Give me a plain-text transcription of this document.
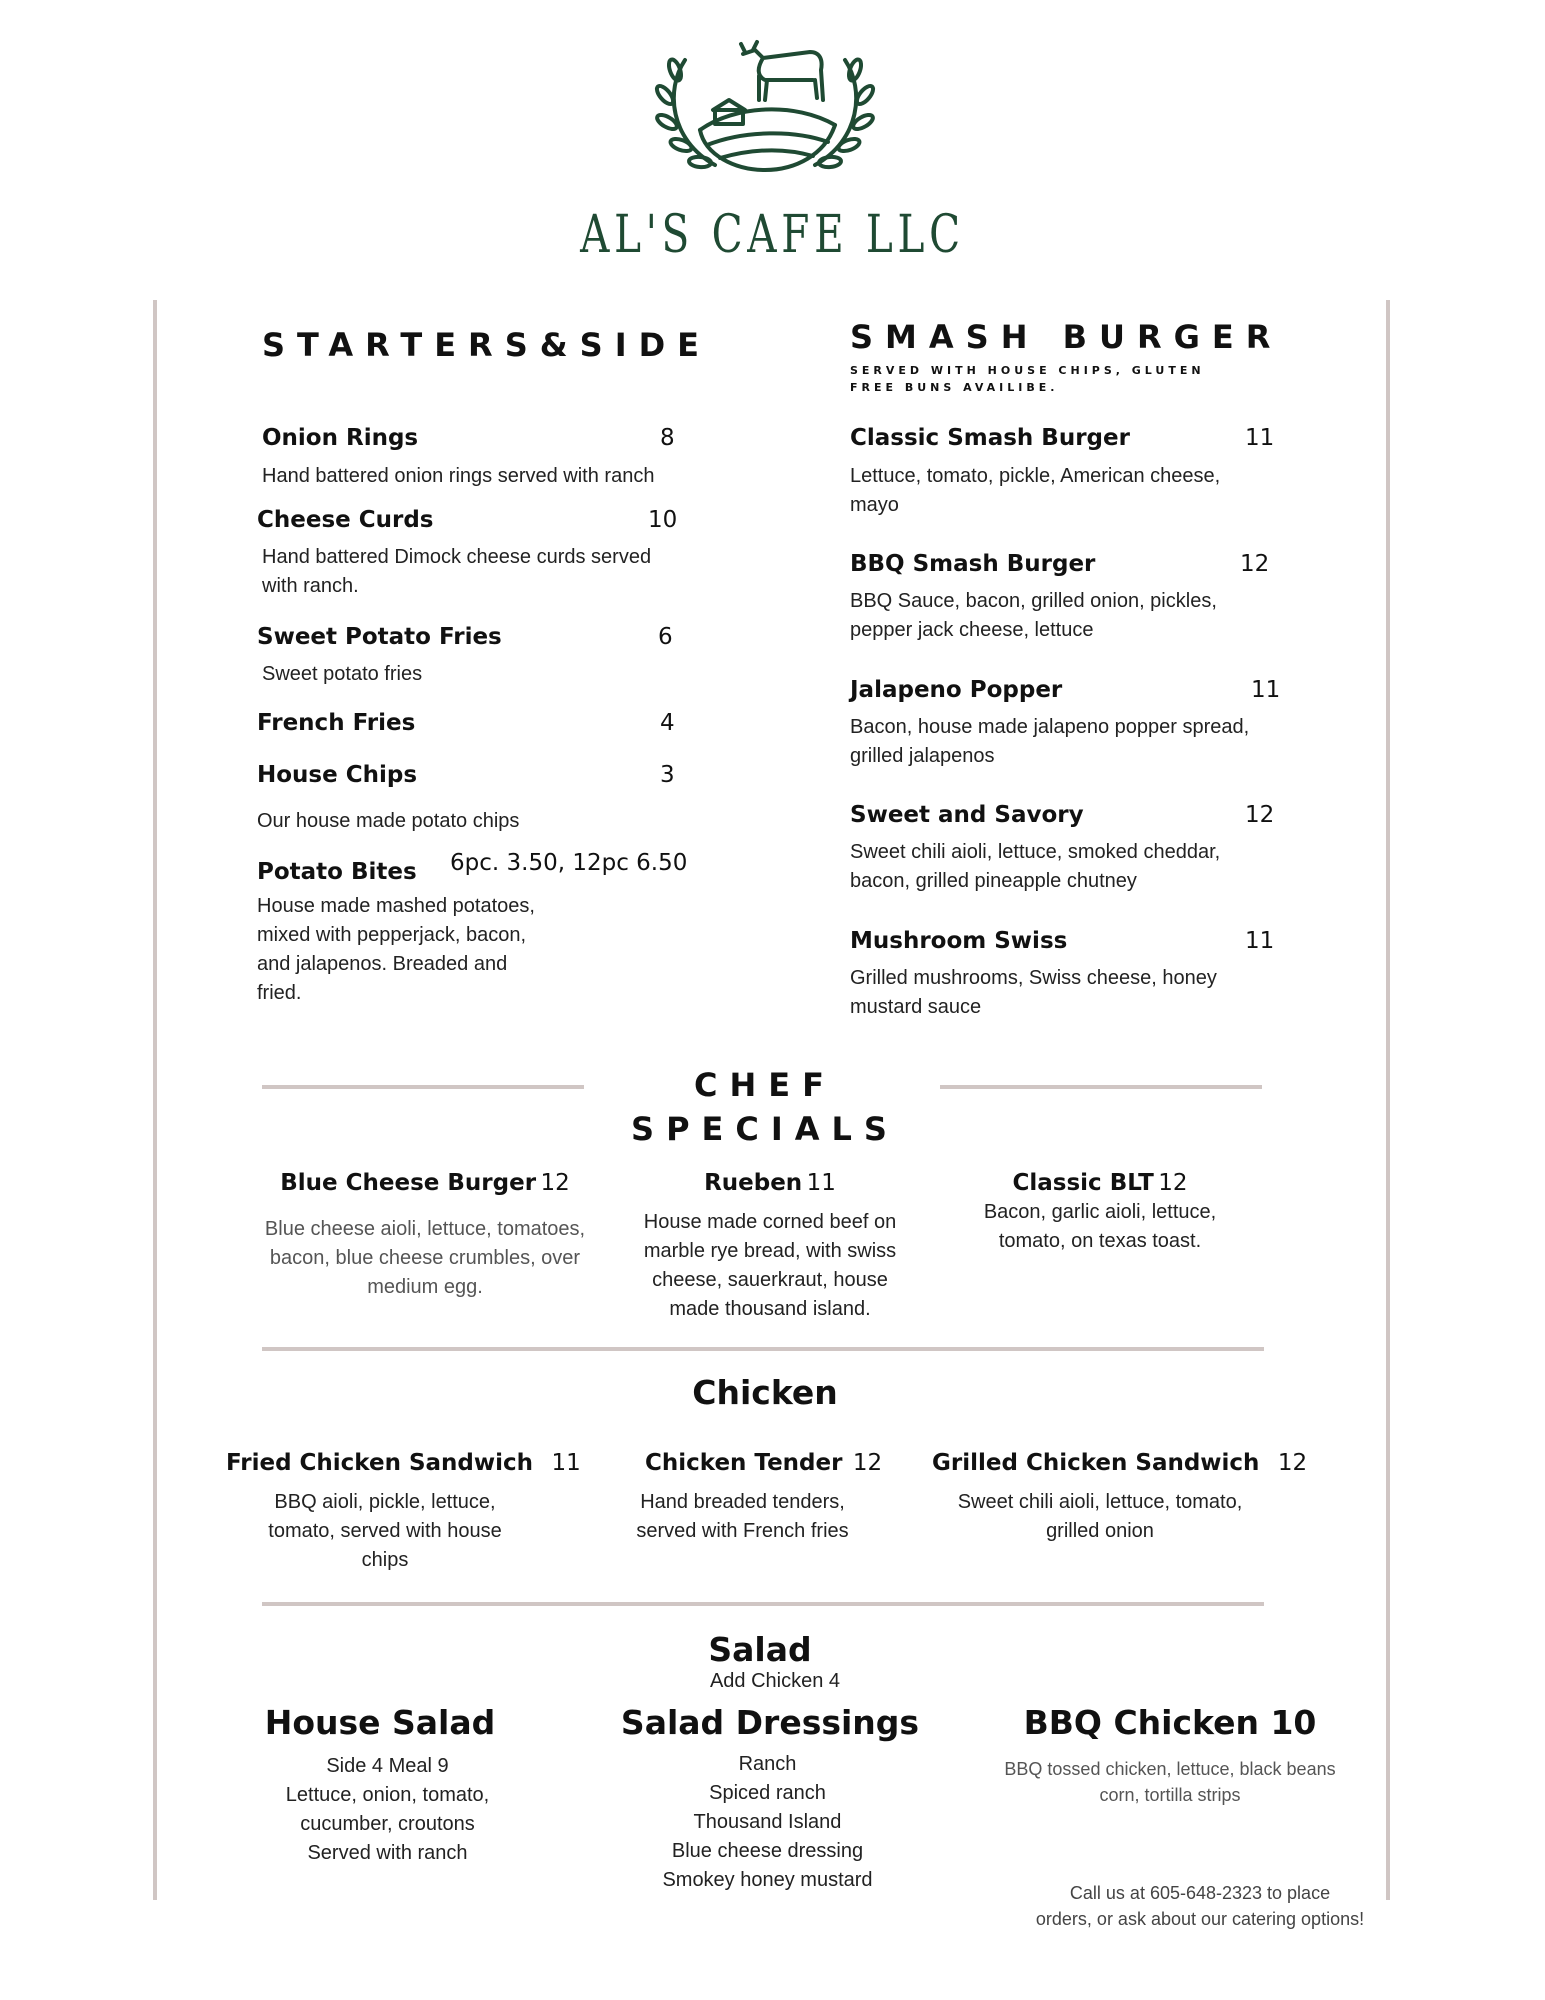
AL'S CAFE LLC
STARTERS&SIDE
Onion Rings	8
Hand battered onion rings served with ranch
Cheese Curds	10
Hand battered Dimock cheese curds served with ranch.
Sweet Potato Fries	6
Sweet potato fries
French Fries	4
House Chips	3
Our house made potato chips
Potato Bites 6pc. 3.50, 12pc 6.50
House made mashed potatoes, mixed with pepperjack, bacon, and jalapenos. Breaded and fried.
SMASH BURGER
SERVED WITH HOUSE CHIPS, GLUTEN FREE BUNS AVAILIBE.
Classic Smash Burger	11
Lettuce, tomato, pickle, American cheese, mayo
BBQ Smash Burger	12
BBQ Sauce, bacon, grilled onion, pickles, pepper jack cheese, lettuce
Jalapeno Popper	11
Bacon, house made jalapeno popper spread, grilled jalapenos
Sweet and Savory	12
Sweet chili aioli, lettuce, smoked cheddar, bacon, grilled pineapple chutney
Mushroom Swiss	11
Grilled mushrooms, Swiss cheese, honey mustard sauce
CHEF
SPECIALS
Blue Cheese Burger 12
Blue cheese aioli, lettuce, tomatoes, bacon, blue cheese crumbles, over medium egg.
Rueben 11
House made corned beef on marble rye bread, with swiss cheese, sauerkraut, house made thousand island.
Classic BLT 12
Bacon, garlic aioli, lettuce, tomato, on texas toast.
Chicken
Fried Chicken Sandwich 11
BBQ aioli, pickle, lettuce, tomato, served with house chips
Chicken Tender 12
Hand breaded tenders, served with French fries
Grilled Chicken Sandwich 12
Sweet chili aioli, lettuce, tomato, grilled onion
Salad
Add Chicken 4
House Salad
Side 4 Meal 9
Lettuce, onion, tomato,
cucumber, croutons
Served with ranch
Salad Dressings
Ranch
Spiced ranch
Thousand Island
Blue cheese dressing
Smokey honey mustard
BBQ Chicken 10
BBQ tossed chicken, lettuce, black beans
corn, tortilla strips
Call us at 605-648-2323 to place
orders, or ask about our catering options!
